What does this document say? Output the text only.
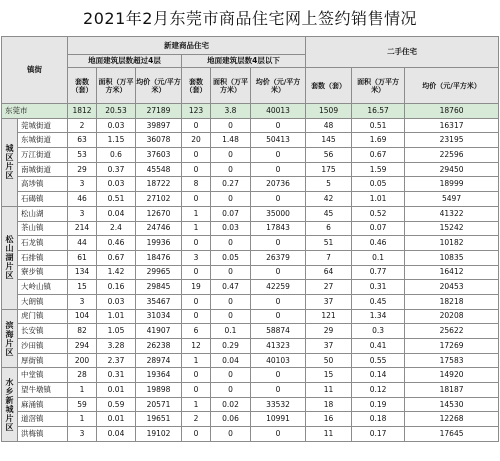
2021年2月东莞市商品住宅网上签约销售情况
镇街		新建商品住宅						二手住宅		
		地面建筑层数超过4层			地面建筑层数4层以下					
		套数（套）	面积（万平方米）	均价（元/平方米）	套数（套）	面积（万平方米）	均价（元/平方米）	套数（套）	面积（万平方米）	均价（元/平方米）
东莞市		1812	20.53	27189	123	3.8	40013	1509	16.57	18760
城区片区	莞城街道	2	0.03	39897	0	0	0	48	0.51	16317
	东城街道	63	1.15	36078	20	1.48	50413	145	1.69	23195
	万江街道	53	0.6	37603	0	0	0	56	0.67	22596
	南城街道	29	0.37	45548	0	0	0	175	1.59	29450
	高埗镇	3	0.03	18722	8	0.27	20736	5	0.05	18999
	石碣镇	46	0.51	27102	0	0	0	42	1.01	5497
松山湖片区	松山湖	3	0.04	12670	1	0.07	35000	45	0.52	41322
	茶山镇	214	2.4	24746	1	0.03	17843	6	0.07	15242
	石龙镇	44	0.46	19936	0	0	0	51	0.46	10182
	石排镇	61	0.67	18476	3	0.05	26379	7	0.1	10835
	寮步镇	134	1.42	29965	0	0	0	64	0.77	16412
	大岭山镇	15	0.16	29845	19	0.47	42259	27	0.31	20453
	大朗镇	3	0.03	35467	0	0	0	37	0.45	18218
滨海片区	虎门镇	104	1.01	31034	0	0	0	121	1.34	20208
	长安镇	82	1.05	41907	6	0.1	58874	29	0.3	25622
	沙田镇	294	3.28	26238	12	0.29	41323	37	0.41	17269
	厚街镇	200	2.37	28974	1	0.04	40103	50	0.55	17583
水乡新城片区	中堂镇	28	0.31	19364	0	0	0	15	0.14	14920
	望牛墩镇	1	0.01	19898	0	0	0	11	0.12	18187
	麻涌镇	59	0.59	20571	1	0.02	33532	18	0.19	14530
	道滘镇	1	0.01	19651	2	0.06	10991	16	0.18	12268
	洪梅镇	3	0.04	19102	0	0	0	11	0.17	17645
